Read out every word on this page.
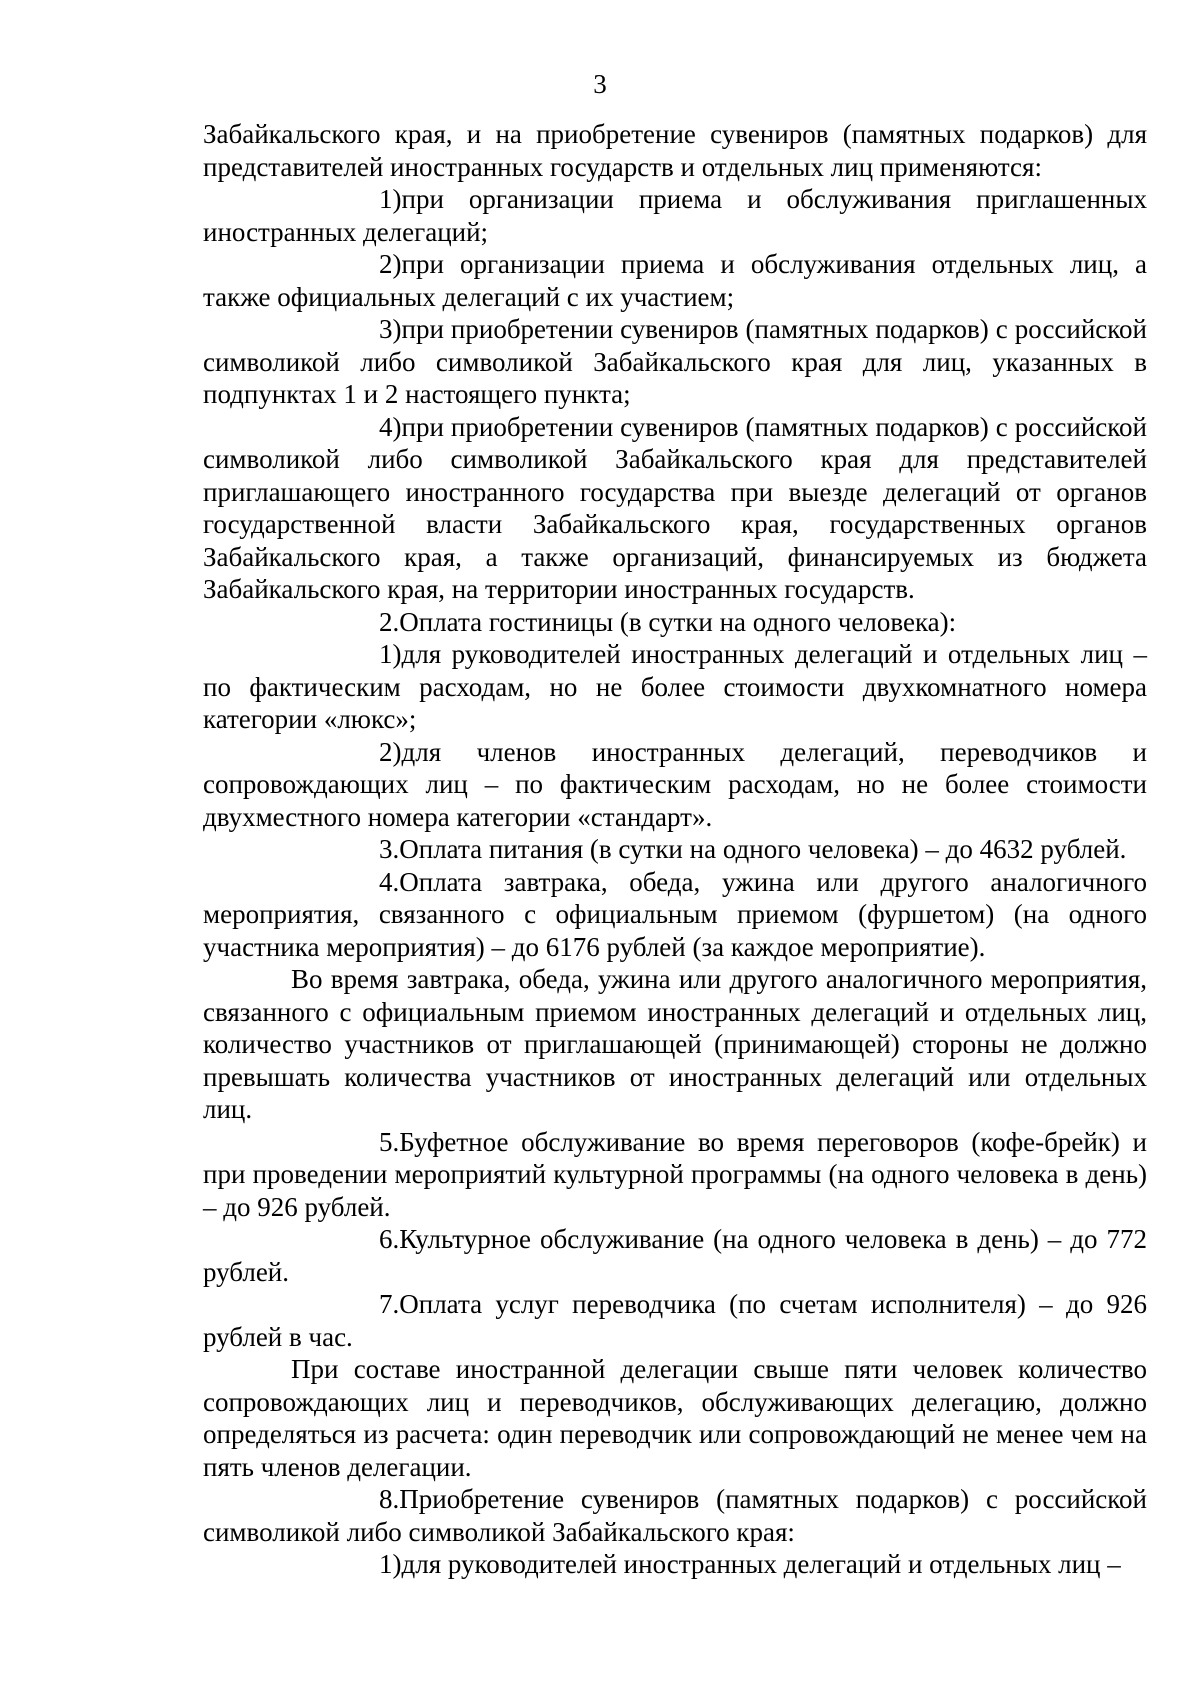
3

Забайкальского края, и на приобретение сувениров (памятных подарков) для представителей иностранных государств и отдельных лиц применяются:

1)при организации приема и обслуживания приглашенных иностранных делегаций;

2)при организации приема и обслуживания отдельных лиц, а также официальных делегаций с их участием;

3)при приобретении сувениров (памятных подарков) с российской символикой либо символикой Забайкальского края для лиц, указанных в подпунктах 1 и 2 настоящего пункта;

4)при приобретении сувениров (памятных подарков) с российской символикой либо символикой Забайкальского края для представителей приглашающего иностранного государства при выезде делегаций от органов государственной власти Забайкальского края, государственных органов Забайкальского края, а также организаций, финансируемых из бюджета Забайкальского края, на территории иностранных государств.

2.Оплата гостиницы (в сутки на одного человека):

1)для руководителей иностранных делегаций и отдельных лиц – по фактическим расходам, но не более стоимости двухкомнатного номера категории «люкс»;

2)для членов иностранных делегаций, переводчиков и сопровождающих лиц – по фактическим расходам, но не более стоимости двухместного номера категории «стандарт».

3.Оплата питания (в сутки на одного человека) – до 4632 рублей.

4.Оплата завтрака, обеда, ужина или другого аналогичного мероприятия, связанного с официальным приемом (фуршетом) (на одного участника мероприятия) – до 6176 рублей (за каждое мероприятие).

Во время завтрака, обеда, ужина или другого аналогичного мероприятия, связанного с официальным приемом иностранных делегаций и отдельных лиц, количество участников от приглашающей (принимающей) стороны не должно превышать количества участников от иностранных делегаций или отдельных лиц.

5.Буфетное обслуживание во время переговоров (кофе-брейк) и при проведении мероприятий культурной программы (на одного человека в день) – до 926 рублей.

6.Культурное обслуживание (на одного человека в день) – до 772 рублей.

7.Оплата услуг переводчика (по счетам исполнителя) – до 926 рублей в час.

При составе иностранной делегации свыше пяти человек количество сопровождающих лиц и переводчиков, обслуживающих делегацию, должно определяться из расчета: один переводчик или сопровождающий не менее чем на пять членов делегации.

8.Приобретение сувениров (памятных подарков) с российской символикой либо символикой Забайкальского края:

1)для руководителей иностранных делегаций и отдельных лиц –
